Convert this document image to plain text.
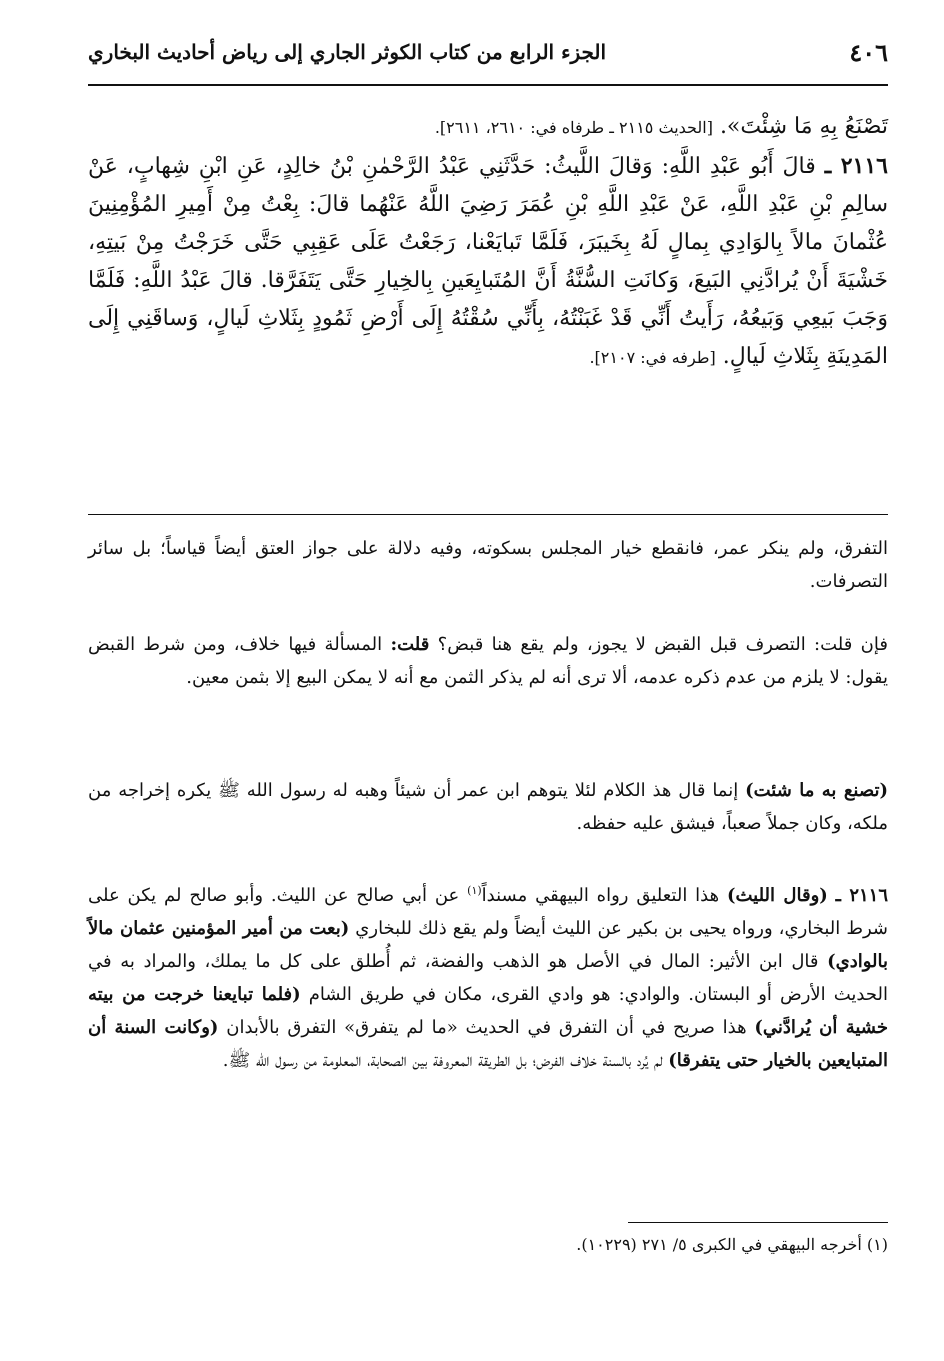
٤٠٦
الجزء الرابع من كتاب الكوثر الجاري إلى رياض أحاديث البخاري

تَصْنَعُ بِهِ مَا شِئْتَ». [الحديث ٢١١٥ ـ طرفاه في: ٢٦١٠، ٢٦١١].

٢١١٦ ـ قالَ أَبُو عَبْدِ اللَّهِ: وَقالَ اللَّيثُ: حَدَّثَنِي عَبْدُ الرَّحْمٰنِ بْنُ خالِدٍ، عَنِ ابْنِ شِهابٍ، عَنْ سالِمِ بْنِ عَبْدِ اللَّهِ، عَنْ عَبْدِ اللَّهِ بْنِ عُمَرَ رَضِيَ اللَّهُ عَنْهُما قالَ: بِعْتُ مِنْ أَمِيرِ المُؤْمِنِينَ عُثْمانَ مالاً بِالوَادِي بِمالٍ لَهُ بِخَيبَرَ، فَلَمَّا تَبايَعْنا، رَجَعْتُ عَلَى عَقِبِي حَتَّى خَرَجْتُ مِنْ بَيتِهِ، خَشْيَةَ أَنْ يُرادَّنِي البَيعَ، وَكانَتِ السُّنَّةُ أَنَّ المُتَبايِعَينِ بِالخِيارِ حَتَّى يَتَفَرَّقا. قالَ عَبْدُ اللَّهِ: فَلَمَّا وَجَبَ بَيعِي وَبَيعُهُ، رَأَيتُ أَنِّي قَدْ غَبَنْتُهُ، بِأَنِّي سُقْتُهُ إِلَى أَرْضِ ثَمُودٍ بِثَلاثِ لَيالٍ، وَساقَنِي إِلَى المَدِينَةِ بِثَلاثِ لَيالٍ. [طرفه في: ٢١٠٧].

التفرق، ولم ينكر عمر، فانقطع خيار المجلس بسكوته، وفيه دلالة على جواز العتق أيضاً قياساً؛ بل سائر التصرفات.

فإن قلت: التصرف قبل القبض لا يجوز، ولم يقع هنا قبض؟ قلت: المسألة فيها خلاف، ومن شرط القبض يقول: لا يلزم من عدم ذكره عدمه، ألا ترى أنه لم يذكر الثمن مع أنه لا يمكن البيع إلا بثمن معين.

(تصنع به ما شئت) إنما قال هذ الكلام لئلا يتوهم ابن عمر أن شيئاً وهبه له رسول الله ﷺ يكره إخراجه من ملكه، وكان جملاً صعباً، فيشق عليه حفظه.

٢١١٦ ـ (وقال الليث) هذا التعليق رواه البيهقي مسنداً$^{(١)}$ عن أبي صالح عن الليث. وأبو صالح لم يكن على شرط البخاري، ورواه يحيى بن بكير عن الليث أيضاً ولم يقع ذلك للبخاري (بعت من أمير المؤمنين عثمان مالاً بالوادي) قال ابن الأثير: المال في الأصل هو الذهب والفضة، ثم أُطلق على كل ما يملك، والمراد به في الحديث الأرض أو البستان. والوادي: هو وادي القرى، مكان في طريق الشام (فلما تبايعنا خرجت من بيته خشية أن يُرادَّني) هذا صريح في أن التفرق في الحديث «ما لم يتفرق» التفرق بالأبدان (وكانت السنة أن المتبايعين بالخيار حتى يتفرقا) لم يُرد بالسنة خلاف الفرض؛ بل الطريقة المعروفة بين الصحابة، المعلومة من رسول الله ﷺ.

(١) أخرجه البيهقي في الكبرى ٥/ ٢٧١ (١٠٢٢٩).
